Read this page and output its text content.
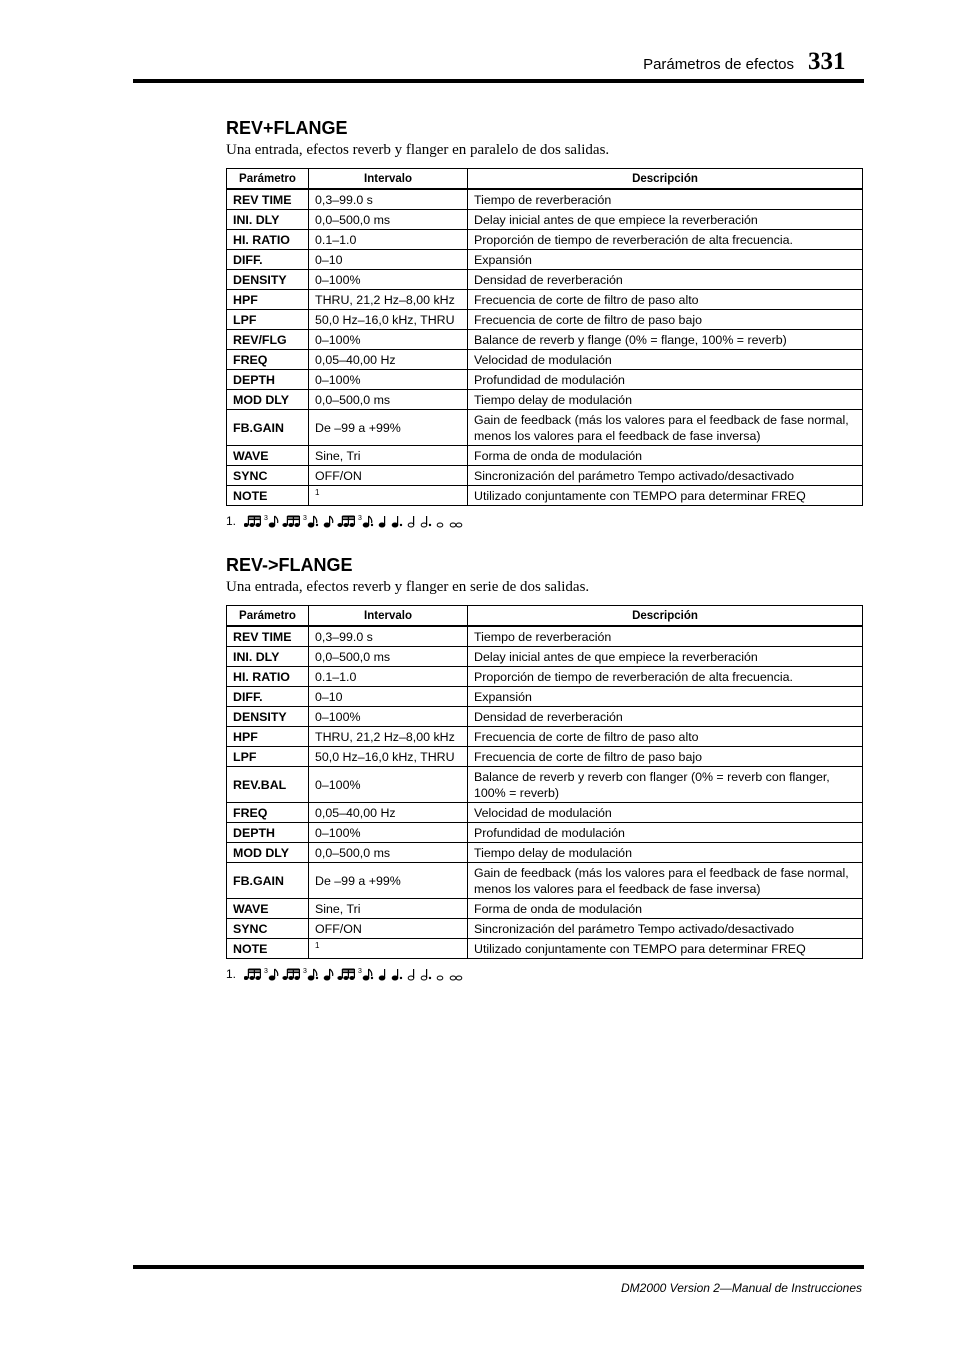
Parámetros de efectos 331
REV+FLANGE
Una entrada, efectos reverb y flanger en paralelo de dos salidas.
Parámetro	Intervalo	Descripción
REV TIME	0,3–99.0 s	Tiempo de reverberación
INI. DLY	0,0–500,0 ms	Delay inicial antes de que empiece la reverberación
HI. RATIO	0.1–1.0	Proporción de tiempo de reverberación de alta frecuencia.
DIFF.	0–10	Expansión
DENSITY	0–100%	Densidad de reverberación
HPF	THRU, 21,2 Hz–8,00 kHz	Frecuencia de corte de filtro de paso alto
LPF	50,0 Hz–16,0 kHz, THRU	Frecuencia de corte de filtro de paso bajo
REV/FLG	0–100%	Balance de reverb y flange (0% = flange, 100% = reverb)
FREQ	0,05–40,00 Hz	Velocidad de modulación
DEPTH	0–100%	Profundidad de modulación
MOD DLY	0,0–500,0 ms	Tiempo delay de modulación
FB.GAIN	De –99 a +99%	Gain de feedback (más los valores para el feedback de fase normal, menos los valores para el feedback de fase inversa)
WAVE	Sine, Tri	Forma de onda de modulación
SYNC	OFF/ON	Sincronización del parámetro Tempo activado/desactivado
NOTE	$^1$	Utilizado conjuntamente con TEMPO para determinar FREQ
1.	3	3	3
REV->FLANGE
Una entrada, efectos reverb y flanger en serie de dos salidas.
Parámetro	Intervalo	Descripción
REV TIME	0,3–99.0 s	Tiempo de reverberación
INI. DLY	0,0–500,0 ms	Delay inicial antes de que empiece la reverberación
HI. RATIO	0.1–1.0	Proporción de tiempo de reverberación de alta frecuencia.
DIFF.	0–10	Expansión
DENSITY	0–100%	Densidad de reverberación
HPF	THRU, 21,2 Hz–8,00 kHz	Frecuencia de corte de filtro de paso alto
LPF	50,0 Hz–16,0 kHz, THRU	Frecuencia de corte de filtro de paso bajo
REV.BAL	0–100%	Balance de reverb y reverb con flanger (0% = reverb con flanger, 100% = reverb)
FREQ	0,05–40,00 Hz	Velocidad de modulación
DEPTH	0–100%	Profundidad de modulación
MOD DLY	0,0–500,0 ms	Tiempo delay de modulación
FB.GAIN	De –99 a +99%	Gain de feedback (más los valores para el feedback de fase normal, menos los valores para el feedback de fase inversa)
WAVE	Sine, Tri	Forma de onda de modulación
SYNC	OFF/ON	Sincronización del parámetro Tempo activado/desactivado
NOTE	$^1$	Utilizado conjuntamente con TEMPO para determinar FREQ
1.	3	3	3
DM2000 Version 2—Manual de Instrucciones
